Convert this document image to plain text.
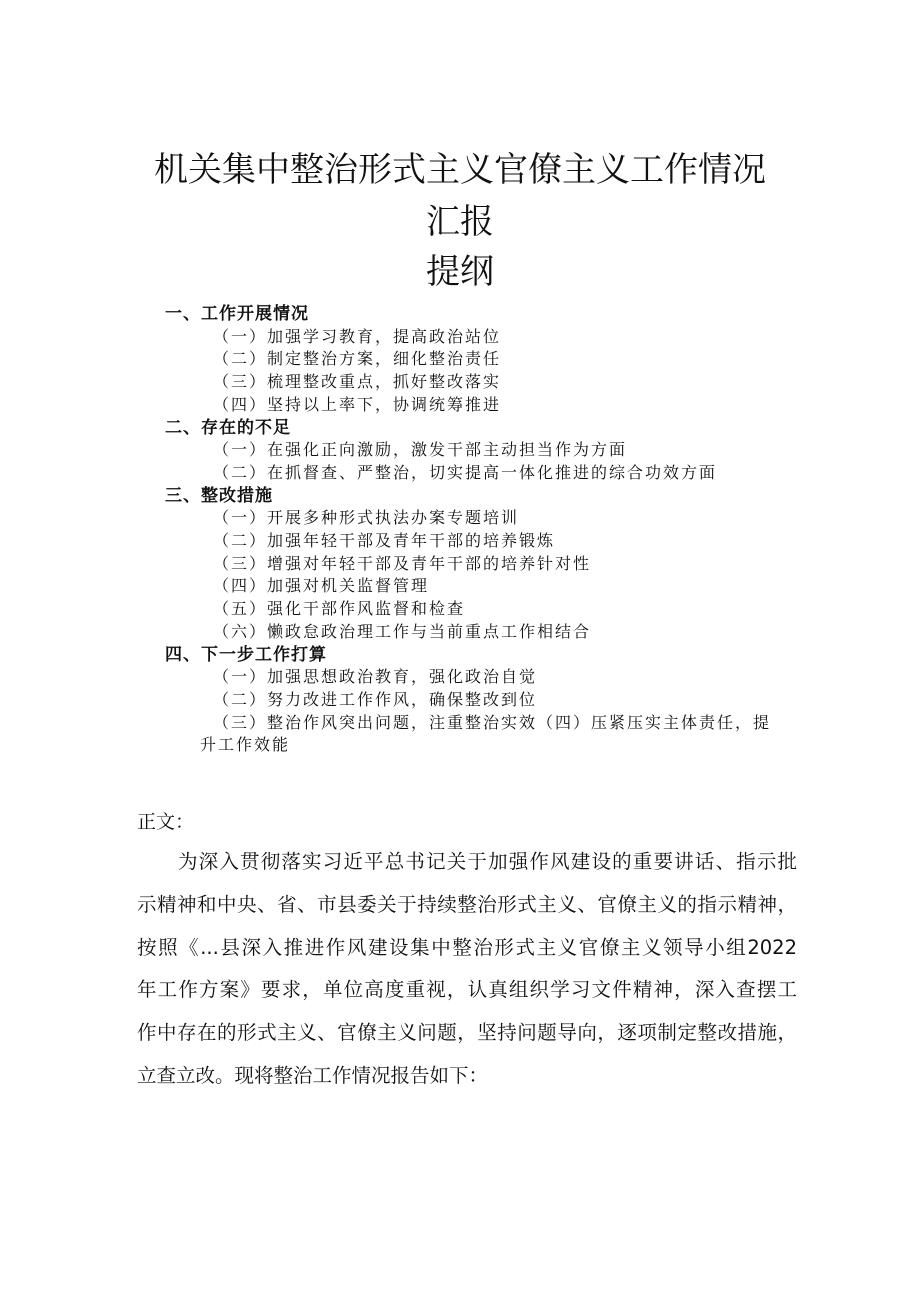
机关集中整治形式主义官僚主义工作情况
汇报
提纲
一、工作开展情况
（一）加强学习教育，提高政治站位
（二）制定整治方案，细化整治责任
（三）梳理整改重点，抓好整改落实
（四）坚持以上率下，协调统筹推进
二、存在的不足
（一）在强化正向激励，激发干部主动担当作为方面
（二）在抓督查、严整治，切实提高一体化推进的综合功效方面
三、整改措施
（一）开展多种形式执法办案专题培训
（二）加强年轻干部及青年干部的培养锻炼
（三）增强对年轻干部及青年干部的培养针对性
（四）加强对机关监督管理
（五）强化干部作风监督和检查
（六）懒政怠政治理工作与当前重点工作相结合
四、下一步工作打算
（一）加强思想政治教育，强化政治自觉
（二）努力改进工作作风，确保整改到位
（三）整治作风突出问题，注重整治实效（四）压紧压实主体责任，提
升工作效能
正文：
为深入贯彻落实习近平总书记关于加强作风建设的重要讲话、指示批
示精神和中央、省、市县委关于持续整治形式主义、官僚主义的指示精神，
按照《...县深入推进作风建设集中整治形式主义官僚主义领导小组2022
年工作方案》要求，单位高度重视，认真组织学习文件精神，深入查摆工
作中存在的形式主义、官僚主义问题，坚持问题导向，逐项制定整改措施，
立查立改。现将整治工作情况报告如下：
